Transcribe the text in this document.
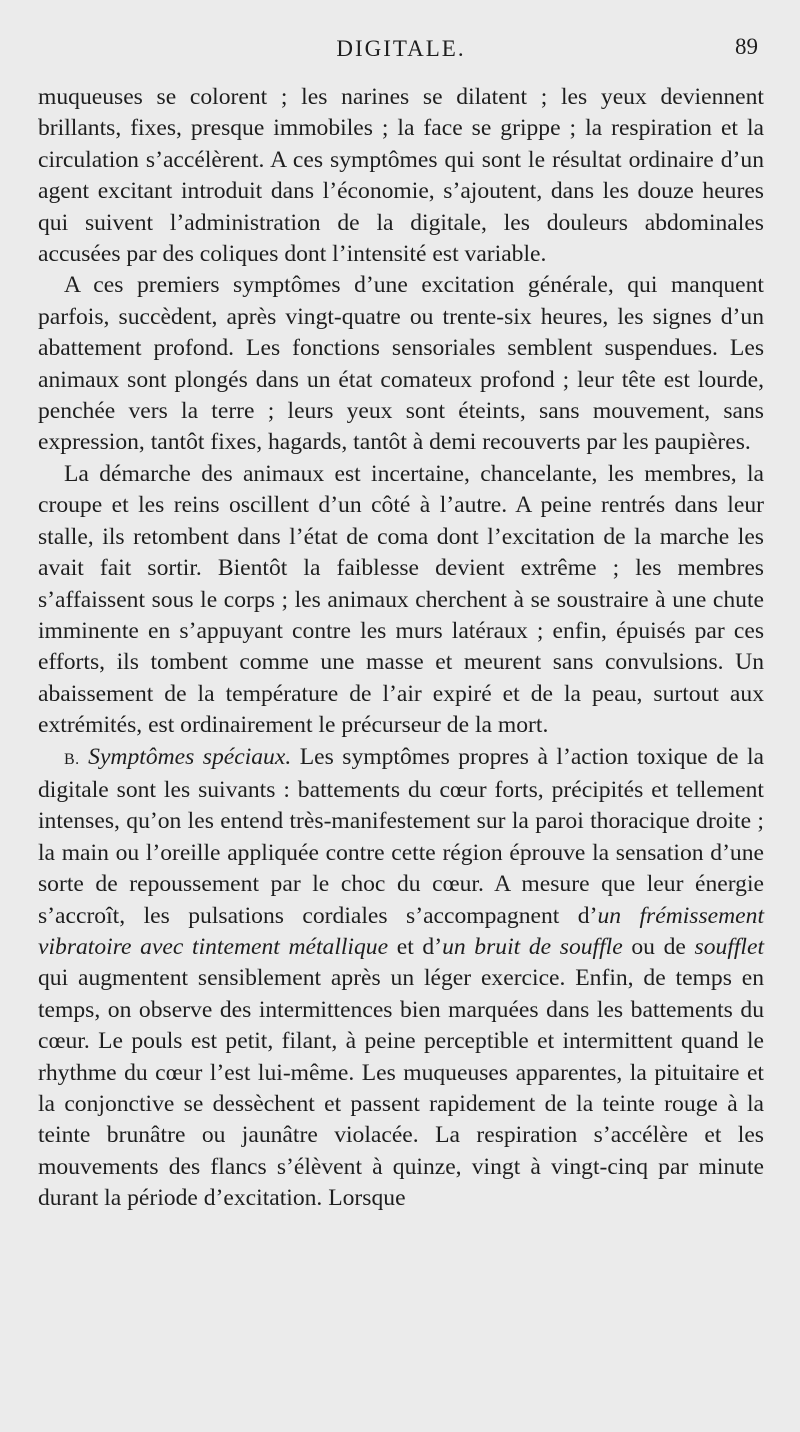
DIGITALE.	89

muqueuses se colorent ; les narines se dilatent ; les yeux deviennent brillants, fixes, presque immobiles ; la face se grippe ; la respiration et la circulation s’accélèrent. A ces symptômes qui sont le résultat ordinaire d’un agent excitant introduit dans l’économie, s’ajoutent, dans les douze heures qui suivent l’administration de la digitale, les douleurs abdominales accusées par des coliques dont l’intensité est variable.

A ces premiers symptômes d’une excitation générale, qui manquent parfois, succèdent, après vingt-quatre ou trente-six heures, les signes d’un abattement profond. Les fonctions sensoriales semblent suspendues. Les animaux sont plongés dans un état comateux profond ; leur tête est lourde, penchée vers la terre ; leurs yeux sont éteints, sans mouvement, sans expression, tantôt fixes, hagards, tantôt à demi recouverts par les paupières.

La démarche des animaux est incertaine, chancelante, les membres, la croupe et les reins oscillent d’un côté à l’autre. A peine rentrés dans leur stalle, ils retombent dans l’état de coma dont l’excitation de la marche les avait fait sortir. Bientôt la faiblesse devient extrême ; les membres s’affaissent sous le corps ; les animaux cherchent à se soustraire à une chute imminente en s’appuyant contre les murs latéraux ; enfin, épuisés par ces efforts, ils tombent comme une masse et meurent sans convulsions. Un abaissement de la température de l’air expiré et de la peau, surtout aux extrémités, est ordinairement le précurseur de la mort.

B. Symptômes spéciaux. Les symptômes propres à l’action toxique de la digitale sont les suivants : battements du cœur forts, précipités et tellement intenses, qu’on les entend très-manifestement sur la paroi thoracique droite ; la main ou l’oreille appliquée contre cette région éprouve la sensation d’une sorte de repoussement par le choc du cœur. A mesure que leur énergie s’accroît, les pulsations cordiales s’accompagnent d’un frémissement vibratoire avec tintement métallique et d’un bruit de souffle ou de soufflet qui augmentent sensiblement après un léger exercice. Enfin, de temps en temps, on observe des intermittences bien marquées dans les battements du cœur. Le pouls est petit, filant, à peine perceptible et intermittent quand le rhythme du cœur l’est lui-même. Les muqueuses apparentes, la pituitaire et la conjonctive se dessèchent et passent rapidement de la teinte rouge à la teinte brunâtre ou jaunâtre violacée. La respiration s’accélère et les mouvements des flancs s’élèvent à quinze, vingt à vingt-cinq par minute durant la période d’excitation. Lorsque
